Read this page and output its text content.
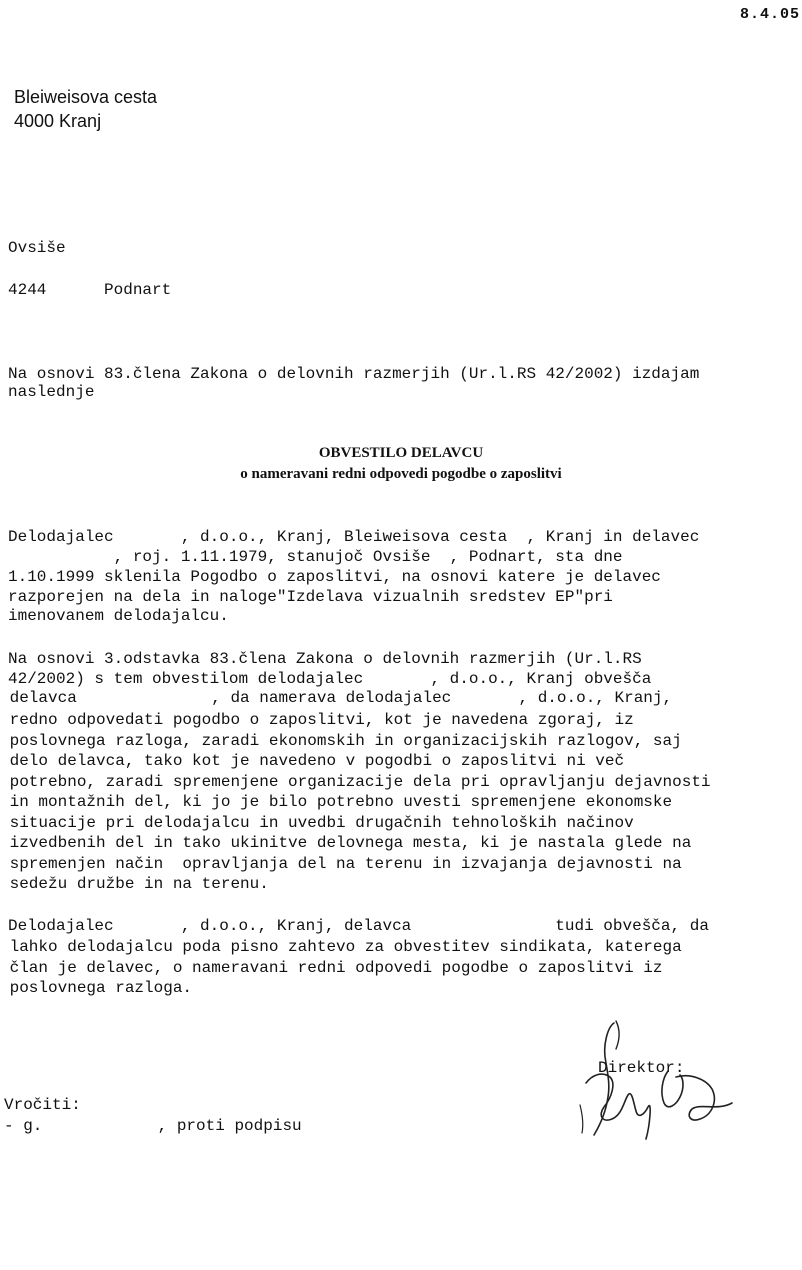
8.4.05
Bleiweisova cesta
4000 Kranj
Ovsiše
4244      Podnart
Na osnovi 83.člena Zakona o delovnih razmerjih (Ur.l.RS 42/2002) izdajam
naslednje
OBVESTILO DELAVCU
o nameravani redni odpovedi pogodbe o zaposlitvi
Delodajalec       , d.o.o., Kranj, Bleiweisova cesta  , Kranj in delavec
, roj. 1.11.1979, stanujoč Ovsiše  , Podnart, sta dne
1.10.1999 sklenila Pogodbo o zaposlitvi, na osnovi katere je delavec
razporejen na dela in naloge"Izdelava vizualnih sredstev EP"pri
imenovanem delodajalcu.
Na osnovi 3.odstavka 83.člena Zakona o delovnih razmerjih (Ur.l.RS
42/2002) s tem obvestilom delodajalec       , d.o.o., Kranj obvešča
delavca              , da namerava delodajalec       , d.o.o., Kranj,
redno odpovedati pogodbo o zaposlitvi, kot je navedena zgoraj, iz
poslovnega razloga, zaradi ekonomskih in organizacijskih razlogov, saj
delo delavca, tako kot je navedeno v pogodbi o zaposlitvi ni več
potrebno, zaradi spremenjene organizacije dela pri opravljanju dejavnosti
in montažnih del, ki jo je bilo potrebno uvesti spremenjene ekonomske
situacije pri delodajalcu in uvedbi drugačnih tehnoloških načinov
izvedbenih del in tako ukinitve delovnega mesta, ki je nastala glede na
spremenjen način  opravljanja del na terenu in izvajanja dejavnosti na
sedežu družbe in na terenu.
Delodajalec       , d.o.o., Kranj, delavca               tudi obvešča, da
lahko delodajalcu poda pisno zahtevo za obvestitev sindikata, katerega
član je delavec, o nameravani redni odpovedi pogodbe o zaposlitvi iz
poslovnega razloga.
Direktor:
Vročiti:
- g.            , proti podpisu
